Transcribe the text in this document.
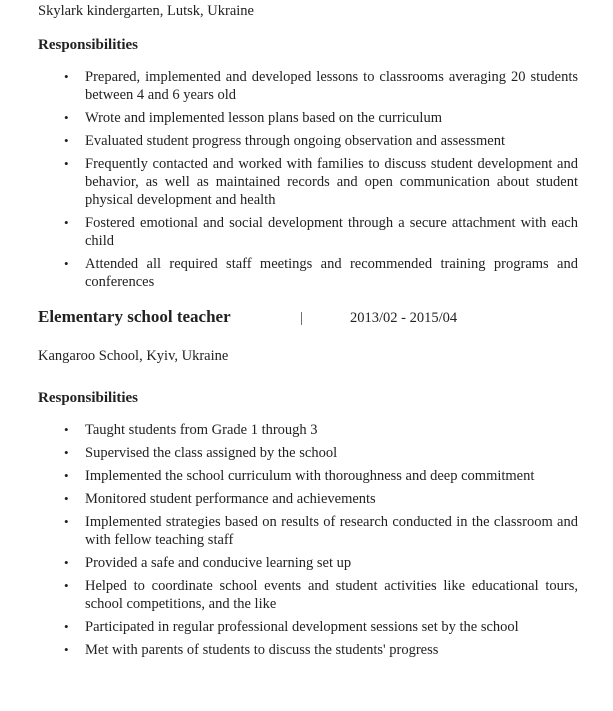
Skylark kindergarten, Lutsk, Ukraine

Responsibilities
• Prepared, implemented and developed lessons to classrooms averaging 20 students between 4 and 6 years old
• Wrote and implemented lesson plans based on the curriculum
• Evaluated student progress through ongoing observation and assessment
• Frequently contacted and worked with families to discuss student development and behavior, as well as maintained records and open communication about student physical development and health
• Fostered emotional and social development through a secure attachment with each child
• Attended all required staff meetings and recommended training programs and conferences
Elementary school teacher	|	2013/02 - 2015/04

Kangaroo School, Kyiv, Ukraine

Responsibilities
• Taught students from Grade 1 through 3
• Supervised the class assigned by the school
• Implemented the school curriculum with thoroughness and deep commitment
• Monitored student performance and achievements
• Implemented strategies based on results of research conducted in the classroom and with fellow teaching staff
• Provided a safe and conducive learning set up
• Helped to coordinate school events and student activities like educational tours, school competitions, and the like
• Participated in regular professional development sessions set by the school
• Met with parents of students to discuss the students' progress
